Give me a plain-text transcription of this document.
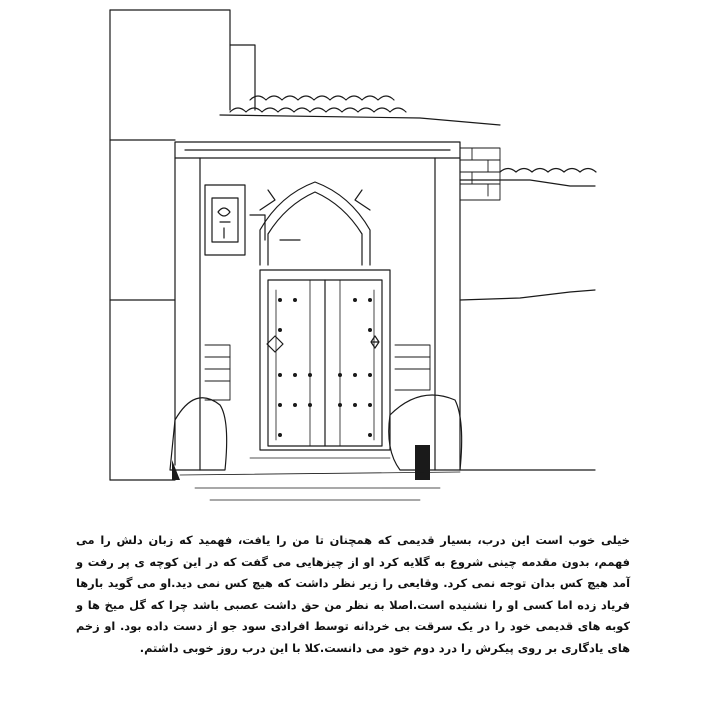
خیلی خوب است این درب، بسیار قدیمی که همچنان تا من را یافت، فهمید که زبان دلش را می فهمم، بدون مقدمه چینی شروع به گلایه کرد او از چیزهایی می گفت که در این کوچه ی پر رفت و آمد هیچ کس بدان توجه نمی کرد. وقایعی را زیر نظر داشت که هیچ کس نمی دید.او می گوید بارها فریاد زده اما کسی او را نشنیده است.اصلا به نظر من حق داشت عصبی باشد چرا که گل میخ ها و کوبه های قدیمی خود را در یک سرقت بی خردانه توسط افرادی سود جو از دست داده بود. او زخم های یادگاری بر روی پیکرش را درد دوم خود می دانست.کلا با این درب روز خوبی داشتم.
